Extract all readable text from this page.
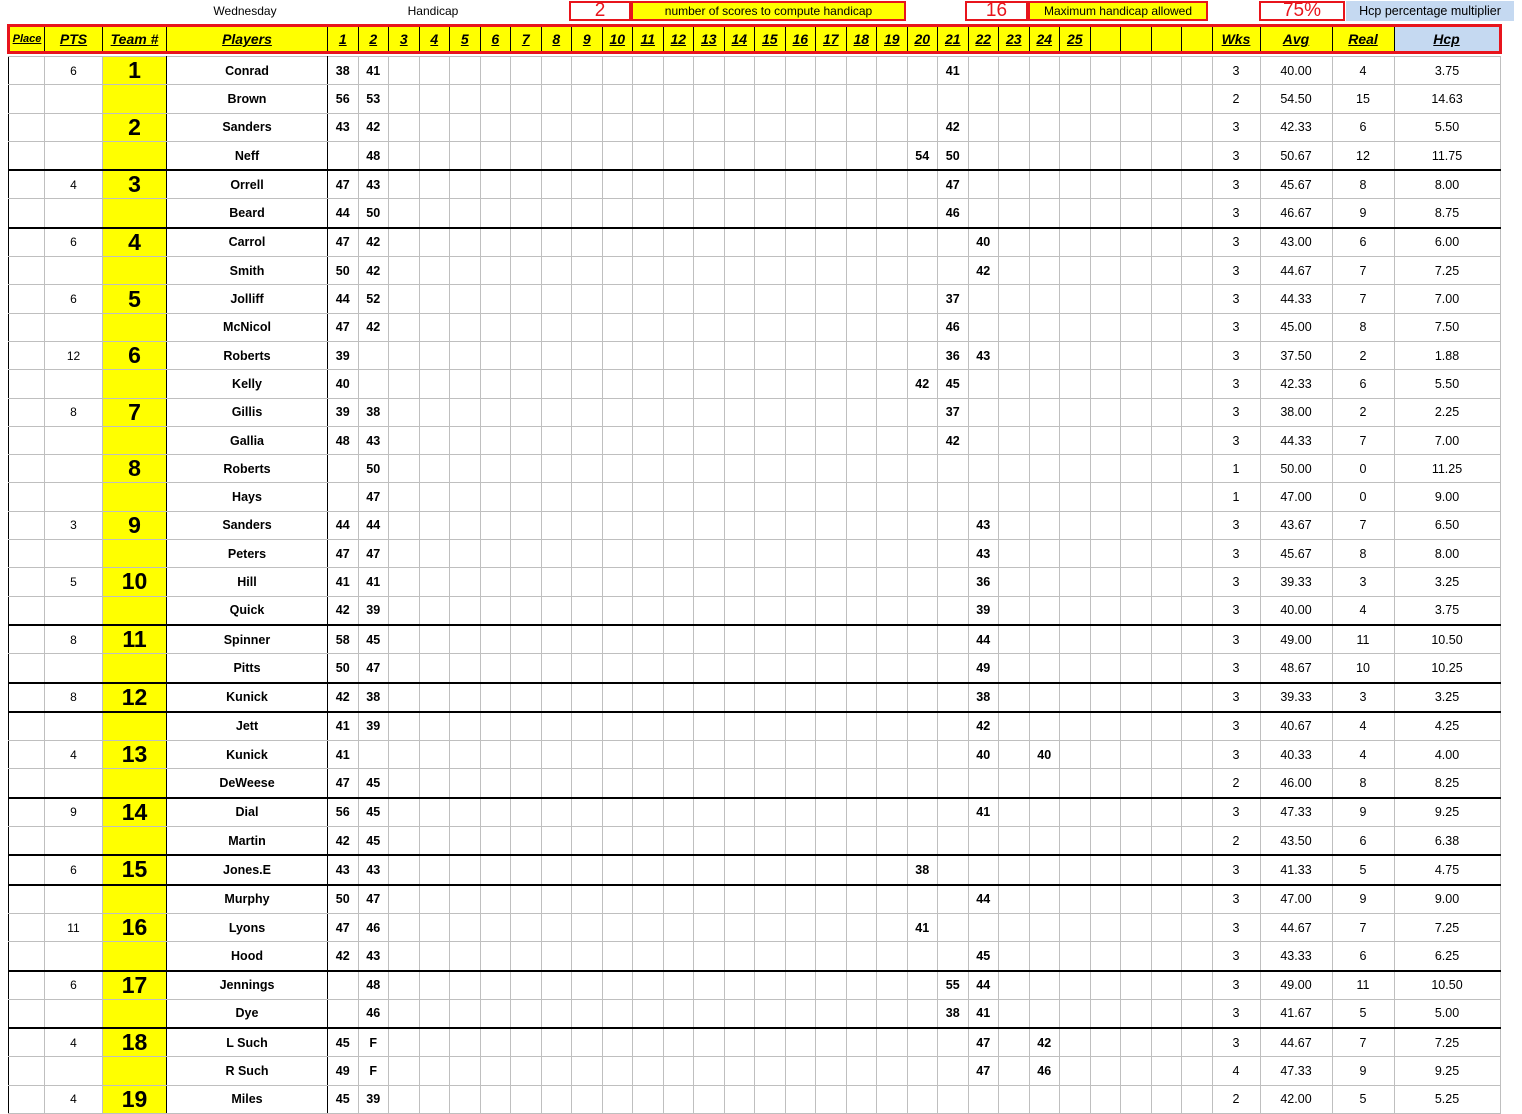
Wednesday	Handicap	2	number of scores to compute handicap	16	Maximum handicap allowed	75%	Hcp percentage multiplier
Place	PTS	Team #	Players	1	2	3	4	5	6	7	8	9	10	11	12	13	14	15	16	17	18	19	20	21	22	23	24	25					Wks	Avg	Real	Hcp

	6	1	Conrad	38	41																			41									3	40.00	4	3.75
			Brown	56	53																												2	54.50	15	14.63
		2	Sanders	43	42																			42									3	42.33	6	5.50
			Neff		48																		54	50									3	50.67	12	11.75
	4	3	Orrell	47	43																			47									3	45.67	8	8.00
			Beard	44	50																			46									3	46.67	9	8.75
	6	4	Carrol	47	42																				40								3	43.00	6	6.00
			Smith	50	42																				42								3	44.67	7	7.25
	6	5	Jolliff	44	52																			37									3	44.33	7	7.00
			McNicol	47	42																			46									3	45.00	8	7.50
	12	6	Roberts	39																				36	43								3	37.50	2	1.88
			Kelly	40																			42	45									3	42.33	6	5.50
	8	7	Gillis	39	38																			37									3	38.00	2	2.25
			Gallia	48	43																			42									3	44.33	7	7.00
		8	Roberts		50																												1	50.00	0	11.25
			Hays		47																												1	47.00	0	9.00
	3	9	Sanders	44	44																				43								3	43.67	7	6.50
			Peters	47	47																				43								3	45.67	8	8.00
	5	10	Hill	41	41																				36								3	39.33	3	3.25
			Quick	42	39																				39								3	40.00	4	3.75
	8	11	Spinner	58	45																				44								3	49.00	11	10.50
			Pitts	50	47																				49								3	48.67	10	10.25
	8	12	Kunick	42	38																				38								3	39.33	3	3.25
			Jett	41	39																				42								3	40.67	4	4.25
	4	13	Kunick	41																					40		40						3	40.33	4	4.00
			DeWeese	47	45																												2	46.00	8	8.25
	9	14	Dial	56	45																				41								3	47.33	9	9.25
			Martin	42	45																												2	43.50	6	6.38
	6	15	Jones.E	43	43																		38										3	41.33	5	4.75
			Murphy	50	47																				44								3	47.00	9	9.00
	11	16	Lyons	47	46																		41										3	44.67	7	7.25
			Hood	42	43																				45								3	43.33	6	6.25
	6	17	Jennings		48																			55	44								3	49.00	11	10.50
			Dye		46																			38	41								3	41.67	5	5.00
	4	18	L Such	45	F																				47		42						3	44.67	7	7.25
			R Such	49	F																				47		46						4	47.33	9	9.25
	4	19	Miles	45	39																												2	42.00	5	5.25
